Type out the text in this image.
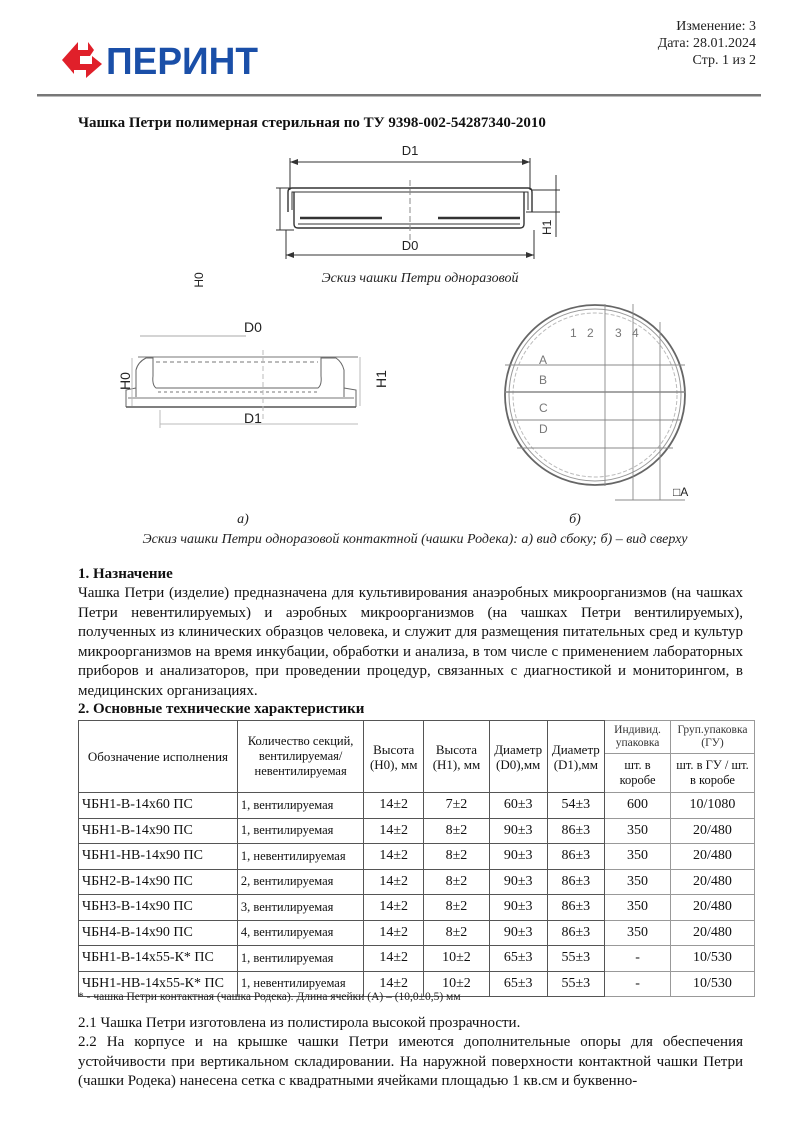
ПЕРИНТ
Изменение: 3
Дата: 28.01.2024
Стр. 1 из 2
Чашка Петри полимерная стерильная по ТУ 9398-002-54287340-2010
D1
D0
H0
H1
Эскиз чашки Петри одноразовой
D0
D1
H0	H1
1 2 3 4
A
B
C
D
□A
а)	б)
Эскиз чашки Петри одноразовой контактной (чашки Родека): а) вид сбоку; б) – вид сверху
1. Назначение
Чашка Петри (изделие) предназначена для культивирования анаэробных микроорганизмов (на чашках Петри невентилируемых) и аэробных микроорганизмов (на чашках Петри вентилируемых), полученных из клинических образцов человека, и служит для размещения питательных сред и культур микроорганизмов на время инкубации, обработки и анализа, в том числе с применением лабораторных приборов и анализаторов, при проведении процедур, связанных с диагностикой и мониторингом, в медицинских организациях.
2. Основные технические характеристики
Обозначение исполнения	Количество секций, вентилируемая/ невентилируемая	Высота (H0), мм	Высота (H1), мм	Диаметр (D0),мм	Диаметр (D1),мм	Индивид. упаковка	Груп.упаковка (ГУ)
						шт. в коробе	шт. в ГУ / шт. в коробе
ЧБН1-В-14х60 ПС	1, вентилируемая	14±2	7±2	60±3	54±3	600	10/1080
ЧБН1-В-14х90 ПС	1, вентилируемая	14±2	8±2	90±3	86±3	350	20/480
ЧБН1-НВ-14х90 ПС	1, невентилируемая	14±2	8±2	90±3	86±3	350	20/480
ЧБН2-В-14х90 ПС	2, вентилируемая	14±2	8±2	90±3	86±3	350	20/480
ЧБН3-В-14х90 ПС	3, вентилируемая	14±2	8±2	90±3	86±3	350	20/480
ЧБН4-В-14х90 ПС	4, вентилируемая	14±2	8±2	90±3	86±3	350	20/480
ЧБН1-В-14х55-К* ПС	1, вентилируемая	14±2	10±2	65±3	55±3	-	10/530
ЧБН1-НВ-14х55-К* ПС	1, невентилируемая	14±2	10±2	65±3	55±3	-	10/530
* - чашка Петри контактная (чашка Родека). Длина ячейки (А) – (10,0±0,5) мм
2.1 Чашка Петри изготовлена из полистирола высокой прозрачности.
2.2 На корпусе и на крышке чашки Петри имеются дополнительные опоры для обеспечения устойчивости при вертикальном складировании. На наружной поверхности контактной чашки Петри (чашки Родека) нанесена сетка с квадратными ячейками площадью 1 кв.см и буквенно-
